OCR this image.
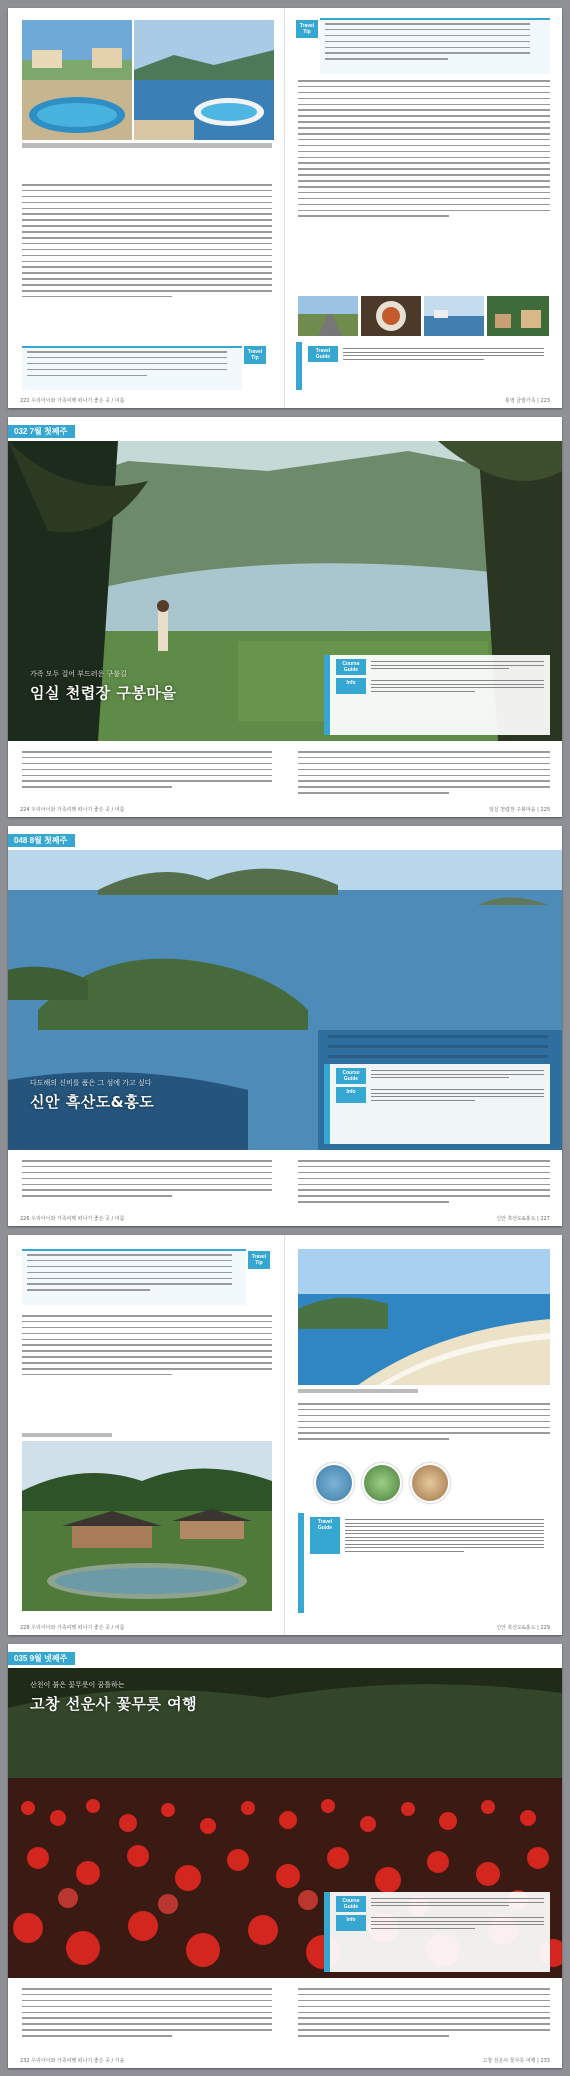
Travel Tip
Travel Tip
Travel Guide
222 우리아이와 가족여행 떠나기 좋은 곳 / 여름	통영 금발가족 | 223
032 7월 첫째주
가족 모두 걸어 부드러운 구불길
임실 천렵장 구봉마을
Course Guide
Info
224 우리아이와 가족여행 떠나기 좋은 곳 / 여름	임실 천렵장 구봉마을 | 225
048 8월 첫째주
다도해의 신비를 품은 그 섬에 가고 싶다
신안 흑산도&홍도
Course Guide
Info
226 우리아이와 가족여행 떠나기 좋은 곳 / 여름	신안 흑산도&홍도 | 227
Travel Tip
Travel Guide
228 우리아이와 가족여행 떠나기 좋은 곳 / 여름	신안 흑산도&홍도 | 229
035 9월 넷째주
산천이 붉은 꽃무릇이 꿈틀하는
고창 선운사 꽃무릇 여행
Course Guide
Info
232 우리아이와 가족여행 떠나기 좋은 곳 / 가을	고창 선운사 꽃무릇 여행 | 233
